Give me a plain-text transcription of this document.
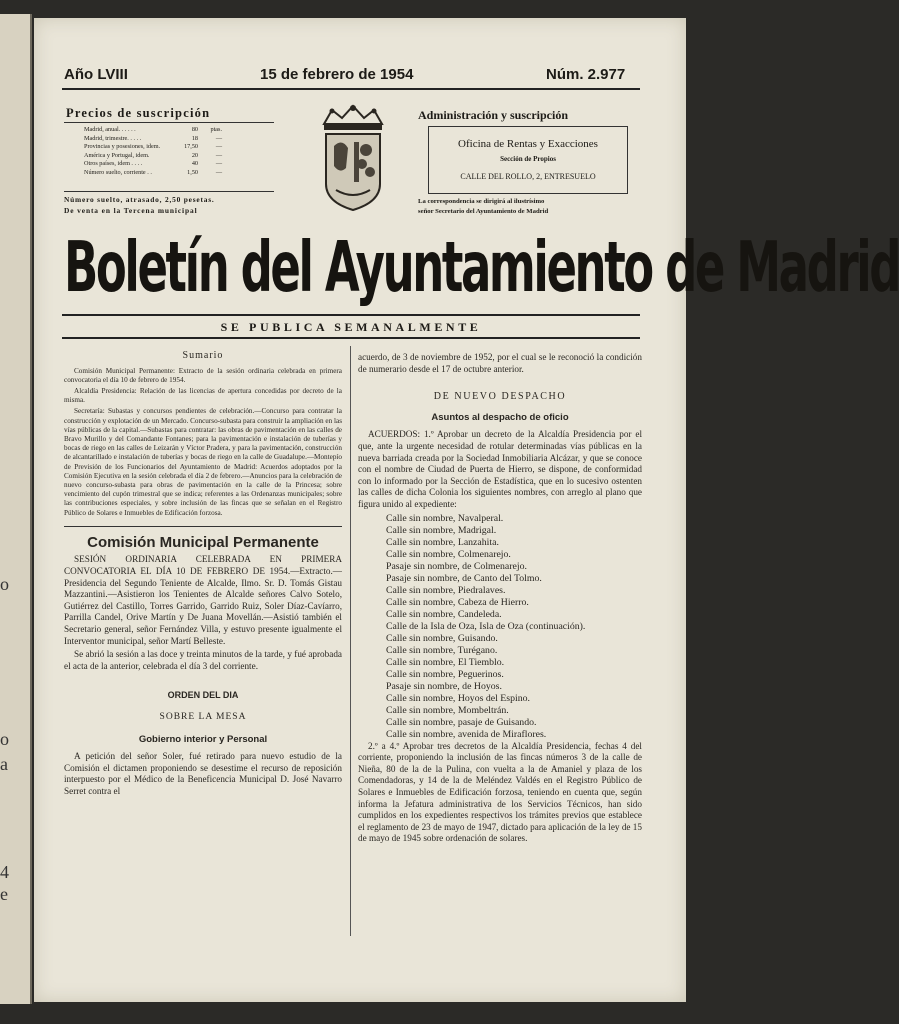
o
o
a
4
e
Año LVIII	15 de febrero de 1954	Núm. 2.977
Precios de suscripción
Madrid, anual. . . . . .	80	ptas.
Madrid, trimestre. . . . .	18	—
Provincias y posesiones, idem.	17,50	—
América y Portugal, idem.	20	—
Otros países, idem . . . .	40	—
Número suelto, corriente . .	1,50	—
Número suelto, atrasado, 2,50 pesetas.
De venta en la Tercena municipal
Administración y suscripción
Oficina de Rentas y Exacciones
Sección de Propios
CALLE DEL ROLLO, 2, ENTRESUELO
La correspondencia se dirigirá al ilustrísimo
señor Secretario del Ayuntamiento de Madrid
Boletín del Ayuntamiento de Madrid
SE PUBLICA SEMANALMENTE
Sumario

Comisión Municipal Permanente: Extracto de la sesión ordinaria celebrada en primera convocatoria el día 10 de febrero de 1954.

Alcaldía Presidencia: Relación de las licencias de apertura concedidas por decreto de la misma.

Secretaría: Subastas y concursos pendientes de celebración.—Concurso para contratar la construcción y explotación de un Mercado. Concurso-subasta para construir la ampliación en las vías públicas de la capital.—Subastas para contratar: las obras de pavimentación en las calles de Bravo Murillo y del Comandante Fontanes; para la pavimentación e instalación de tuberías y bocas de riego en las calles de Leizarán y Víctor Pradera, y para la pavimentación, construcción de alcantarillado e instalación de tuberías y bocas de riego en la calle de Guadalupe.—Montepío de Previsión de los Funcionarios del Ayuntamiento de Madrid: Acuerdos adoptados por la Comisión Ejecutiva en la sesión celebrada el día 2 de febrero.—Anuncios para la celebración de nuevo concurso-subasta para obras de pavimentación en la calle de la Princesa; sobre vencimiento del cupón trimestral que se indica; referentes a las Ordenanzas municipales; sobre las contribuciones especiales, y sobre inclusión de las fincas que se señalan en el Registro Público de Solares e Inmuebles de Edificación forzosa.

Comisión Municipal Permanente

SESIÓN ORDINARIA CELEBRADA EN PRIMERA CONVOCATORIA EL DÍA 10 DE FEBRERO DE 1954.—Extracto.—Presidencia del Segundo Teniente de Alcalde, Ilmo. Sr. D. Tomás Gistau Mazzantini.—Asistieron los Tenientes de Alcalde señores Calvo Sotelo, Gutiérrez del Castillo, Torres Garrido, Garrido Ruiz, Soler Díaz-Cavíarro, Parrilla Candel, Orive Martín y De Juana Movellán.—Asistió también el Secretario general, señor Fernández Villa, y estuvo presente igualmente el Interventor municipal, señor Martí Belleste.

Se abrió la sesión a las doce y treinta minutos de la tarde, y fué aprobada el acta de la anterior, celebrada el día 3 del corriente.

ORDEN DEL DIA
SOBRE LA MESA
Gobierno interior y Personal

A petición del señor Soler, fué retirado para nuevo estudio de la Comisión el dictamen proponiendo se desestime el recurso de reposición interpuesto por el Médico de la Beneficencia Municipal D. José Navarro Serret contra el

acuerdo, de 3 de noviembre de 1952, por el cual se le reconoció la condición de numerario desde el 17 de octubre anterior.

DE NUEVO DESPACHO
Asuntos al despacho de oficio

ACUERDOS: 1.º Aprobar un decreto de la Alcaldía Presidencia por el que, ante la urgente necesidad de rotular determinadas vías públicas en la nueva barriada creada por la Sociedad Inmobiliaria Alcázar, y que se conoce con el nombre de Ciudad de Puerta de Hierro, se dispone, de conformidad con lo informado por la Sección de Estadística, que en lo sucesivo ostenten las calles de dicha Colonia los siguientes nombres, con arreglo al plano que figura unido al expediente:

Calle sin nombre, Navalperal.
Calle sin nombre, Madrigal.
Calle sin nombre, Lanzahita.
Calle sin nombre, Colmenarejo.
Pasaje sin nombre, de Colmenarejo.
Pasaje sin nombre, de Canto del Tolmo.
Calle sin nombre, Piedralaves.
Calle sin nombre, Cabeza de Hierro.
Calle sin nombre, Candeleda.
Calle de la Isla de Oza, Isla de Oza (continuación).
Calle sin nombre, Guisando.
Calle sin nombre, Turégano.
Calle sin nombre, El Tiemblo.
Calle sin nombre, Peguerinos.
Pasaje sin nombre, de Hoyos.
Calle sin nombre, Hoyos del Espino.
Calle sin nombre, Mombeltrán.
Calle sin nombre, pasaje de Guisando.
Calle sin nombre, avenida de Miraflores.

2.º a 4.º Aprobar tres decretos de la Alcaldía Presidencia, fechas 4 del corriente, proponiendo la inclusión de las fincas números 3 de la calle de Nieña, 80 de la de la Pulina, con vuelta a la de Amaniel y plaza de los Comendadoras, y 14 de la de Meléndez Valdés en el Registro Público de Solares e Inmuebles de Edificación forzosa, teniendo en cuenta que, según informa la Jefatura administrativa de los Servicios Técnicos, han sido cumplidos en los expedientes respectivos los trámites previos que establece el reglamento de 23 de mayo de 1947, dictado para aplicación de la ley de 15 de mayo de 1945 sobre ordenación de solares.
